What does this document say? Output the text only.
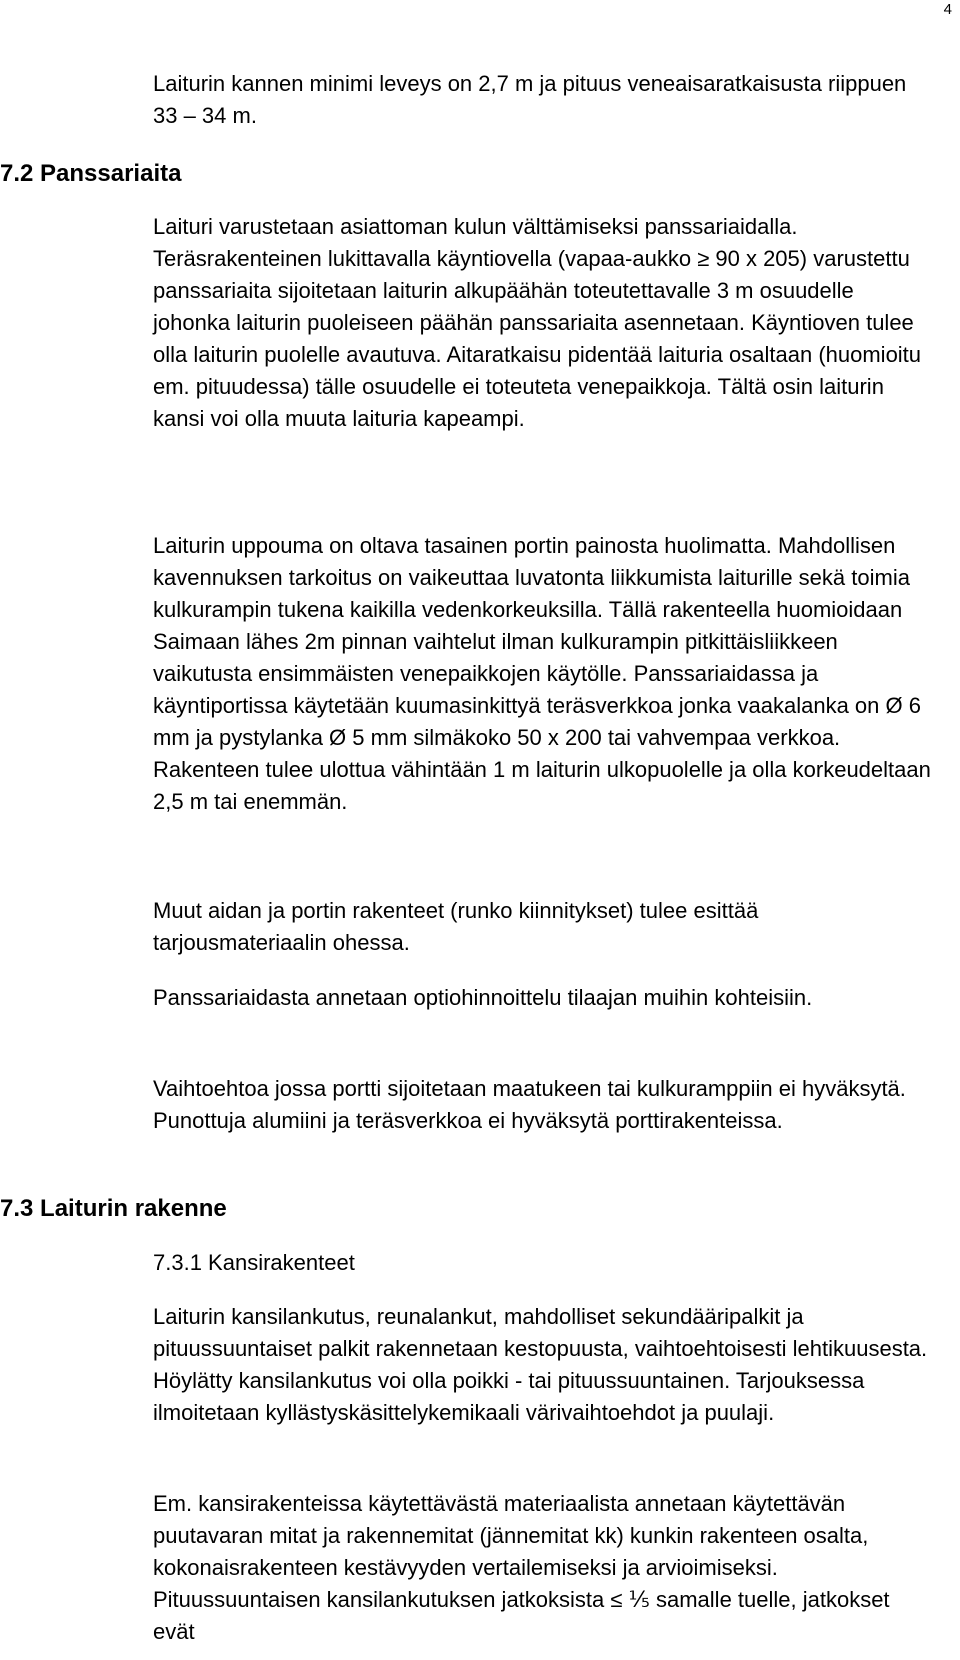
4
7.2 Panssariaita
7.3 Laiturin rakenne

Laiturin kannen minimi leveys on 2,7 m ja pituus veneaisaratkaisusta riippuen 33 – 34 m.

Laituri varustetaan asiattoman kulun välttämiseksi panssariaidalla. Teräsrakenteinen lukittavalla käyntiovella (vapaa-aukko ≥ 90 x 205) varustettu panssariaita sijoitetaan laiturin alkupäähän toteutettavalle 3 m osuudelle johonka laiturin puoleiseen päähän panssariaita asennetaan. Käyntioven tulee olla laiturin puolelle avautuva. Aitaratkaisu pidentää laituria osaltaan (huomioitu em. pituudessa) tälle osuudelle ei toteuteta venepaikkoja. Tältä osin laiturin kansi voi olla muuta laituria kapeampi.

Laiturin uppouma on oltava tasainen portin painosta huolimatta. Mahdollisen kavennuksen tarkoitus on vaikeuttaa luvatonta liikkumista laiturille sekä toimia kulkurampin tukena kaikilla vedenkorkeuksilla. Tällä rakenteella huomioidaan Saimaan lähes 2m pinnan vaihtelut ilman kulkurampin pitkittäisliikkeen vaikutusta ensimmäisten venepaikkojen käytölle. Panssariaidassa ja käyntiportissa käytetään kuumasinkittyä teräsverkkoa jonka vaakalanka on Ø 6 mm ja pystylanka Ø 5 mm silmäkoko 50 x 200 tai vahvempaa verkkoa. Rakenteen tulee ulottua vähintään 1 m laiturin ulkopuolelle ja olla korkeudeltaan 2,5 m tai enemmän.

Muut aidan ja portin rakenteet (runko kiinnitykset) tulee esittää tarjousmateriaalin ohessa.

Panssariaidasta annetaan optiohinnoittelu tilaajan muihin kohteisiin.

Vaihtoehtoa jossa portti sijoitetaan maatukeen tai kulkuramppiin ei hyväksytä. Punottuja alumiini ja teräsverkkoa ei hyväksytä porttirakenteissa.

7.3.1 Kansirakenteet

Laiturin kansilankutus, reunalankut, mahdolliset sekundääripalkit ja pituussuuntaiset palkit rakennetaan kestopuusta, vaihtoehtoisesti lehtikuusesta. Höylätty kansilankutus voi olla poikki - tai pituussuuntainen. Tarjouksessa ilmoitetaan kyllästyskäsittelykemikaali värivaihtoehdot ja puulaji.

Em. kansirakenteissa käytettävästä materiaalista annetaan käytettävän puutavaran mitat ja rakennemitat (jännemitat kk) kunkin rakenteen osalta, kokonaisrakenteen kestävyyden vertailemiseksi ja arvioimiseksi. Pituussuuntaisen kansilankutuksen jatkoksista ≤ ⅕ samalle tuelle, jatkokset evät
